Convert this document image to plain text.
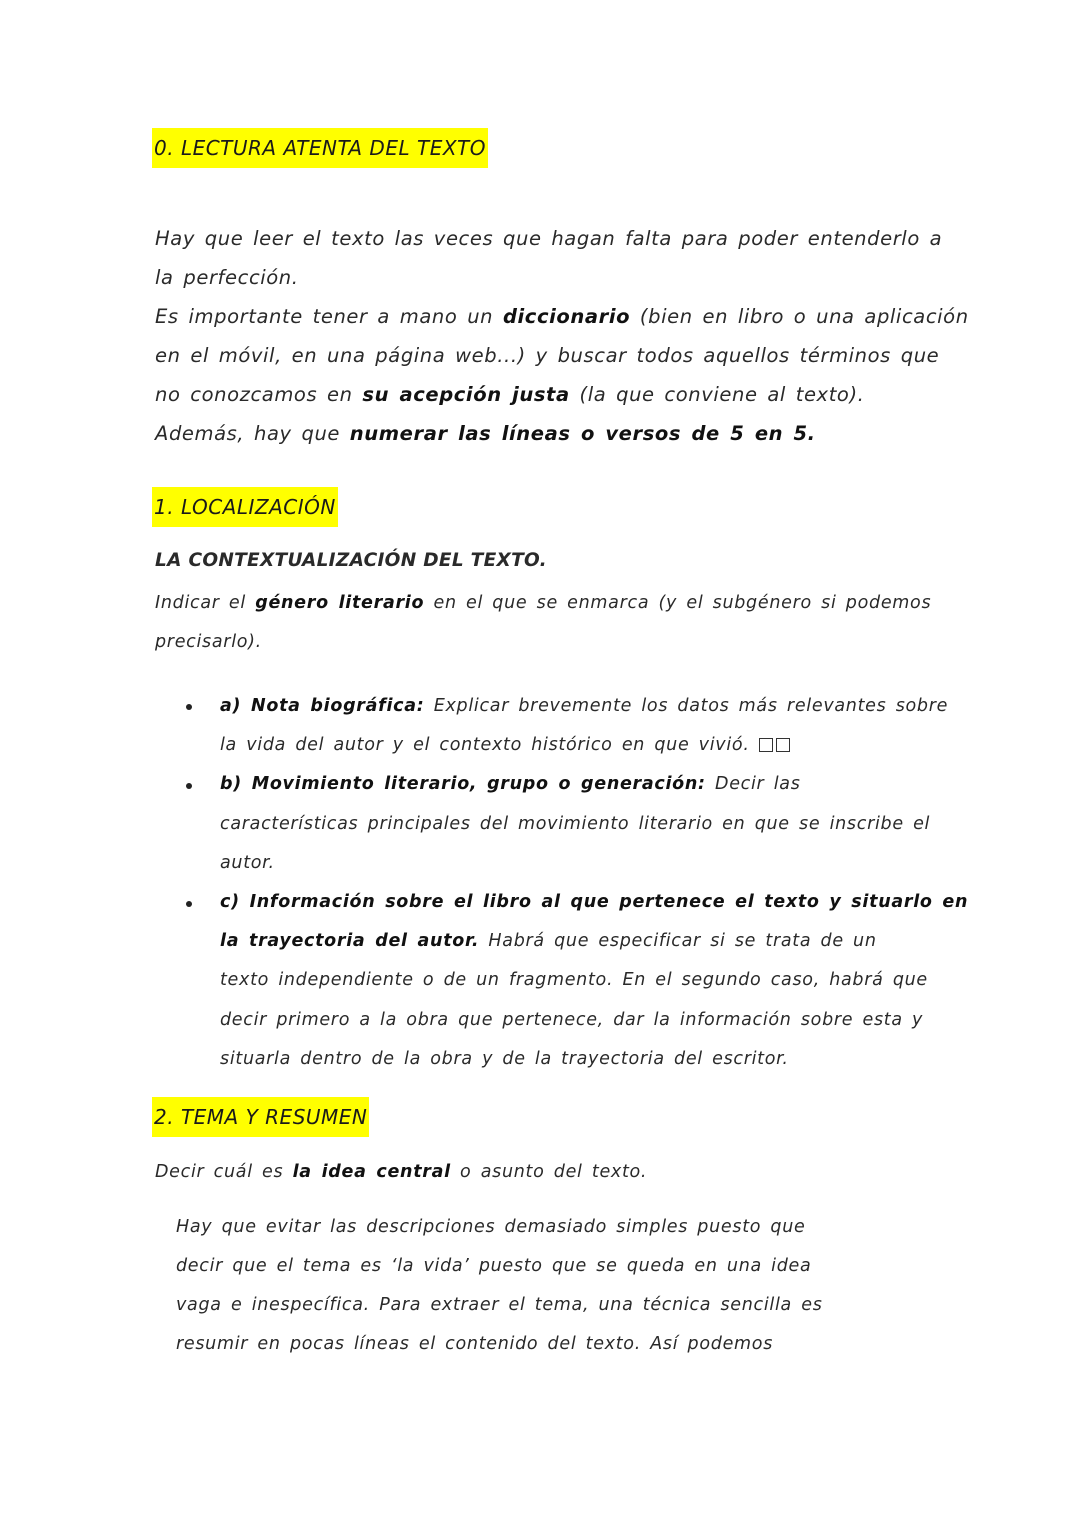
0. LECTURA ATENTA DEL TEXTO
Hay que leer el texto las veces que hagan falta para poder entenderlo a
la perfección.
Es importante tener a mano un diccionario (bien en libro o una aplicación
en el móvil, en una página web...) y buscar todos aquellos términos que
no conozcamos en su acepción justa (la que conviene al texto).
Además, hay que numerar las líneas o versos de 5 en 5.
1. LOCALIZACIÓN
LA CONTEXTUALIZACIÓN DEL TEXTO.
Indicar el género literario en el que se enmarca (y el subgénero si podemos
precisarlo).
a) Nota biográfica: Explicar brevemente los datos más relevantes sobre
la vida del autor y el contexto histórico en que vivió.
b) Movimiento literario, grupo o generación: Decir las
características principales del movimiento literario en que se inscribe el
autor.
c) Información sobre el libro al que pertenece el texto y situarlo en
la trayectoria del autor. Habrá que especificar si se trata de un
texto independiente o de un fragmento. En el segundo caso, habrá que
decir primero a la obra que pertenece, dar la información sobre esta y
situarla dentro de la obra y de la trayectoria del escritor.
2. TEMA Y RESUMEN
Decir cuál es la idea central o asunto del texto.
Hay que evitar las descripciones demasiado simples puesto que
decir que el tema es ‘la vida’ puesto que se queda en una idea
vaga e inespecífica. Para extraer el tema, una técnica sencilla es
resumir en pocas líneas el contenido del texto. Así podemos
